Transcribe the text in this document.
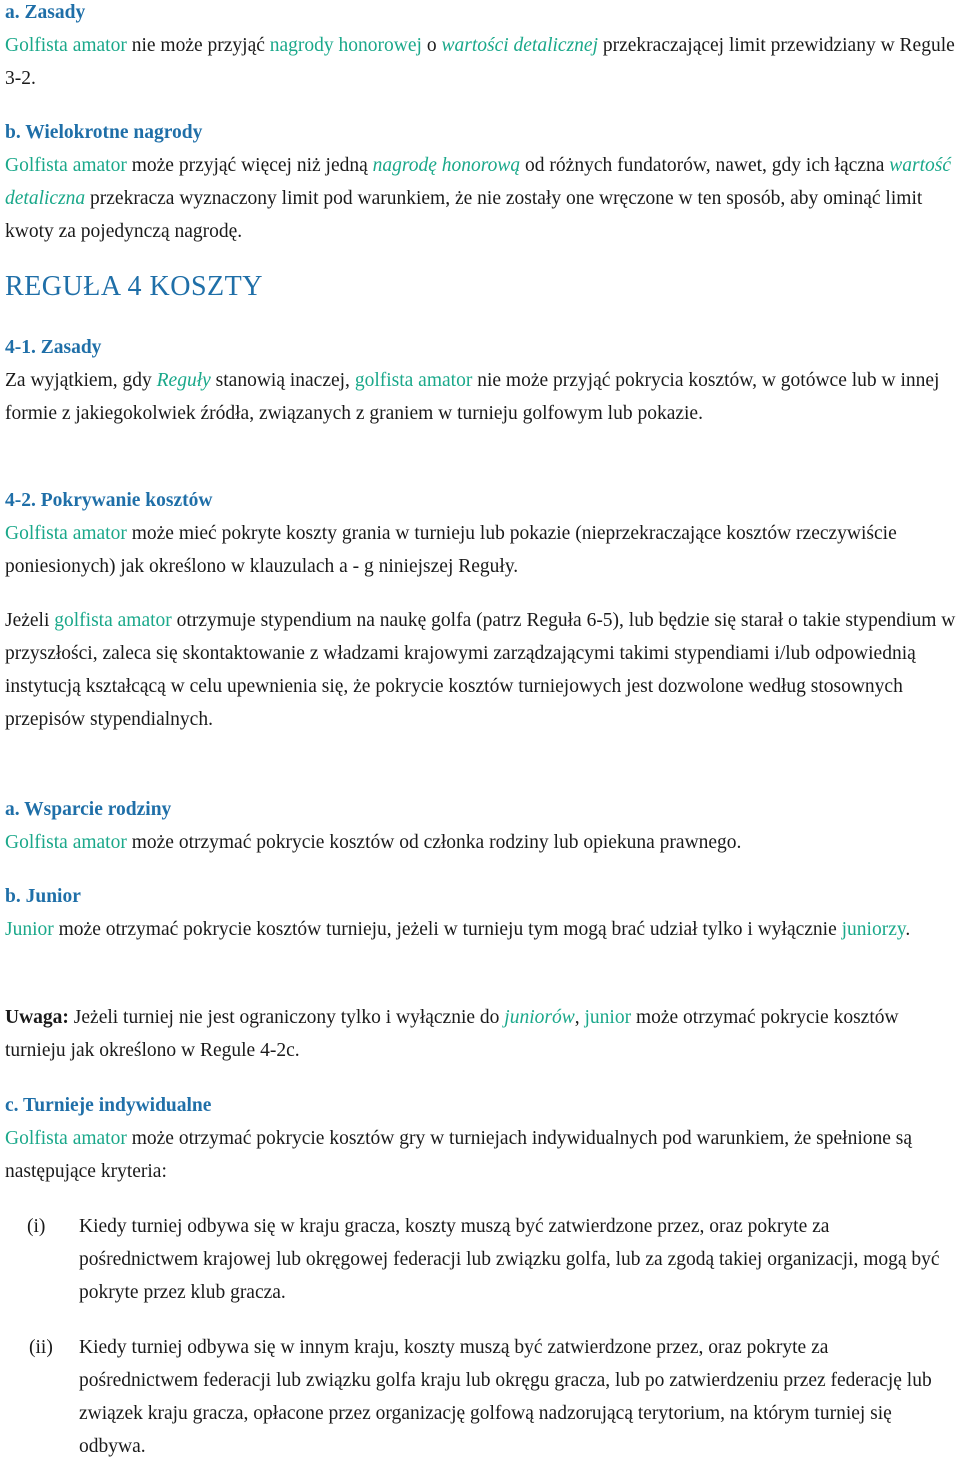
a. Zasady
Golfista amator nie może przyjąć nagrody honorowej o wartości detalicznej przekraczającej limit przewidziany w Regule 3-2.
b. Wielokrotne nagrody
Golfista amator może przyjąć więcej niż jedną nagrodę honorową od różnych fundatorów, nawet, gdy ich łączna wartość detaliczna przekracza wyznaczony limit pod warunkiem, że nie zostały one wręczone w ten sposób, aby ominąć limit kwoty za pojedynczą nagrodę.
REGUŁA 4 KOSZTY
4-1. Zasady
Za wyjątkiem, gdy Reguły stanowią inaczej, golfista amator nie może przyjąć pokrycia kosztów, w gotówce lub w innej formie z jakiegokolwiek źródła, związanych z graniem w turnieju golfowym lub pokazie.
4-2. Pokrywanie kosztów
Golfista amator może mieć pokryte koszty grania w turnieju lub pokazie (nieprzekraczające kosztów rzeczywiście poniesionych) jak określono w klauzulach a - g niniejszej Reguły.
Jeżeli golfista amator otrzymuje stypendium na naukę golfa (patrz Reguła 6-5), lub będzie się starał o takie stypendium w przyszłości, zaleca się skontaktowanie z władzami krajowymi zarządzającymi takimi stypendiami i/lub odpowiednią instytucją kształcącą w celu upewnienia się, że pokrycie kosztów turniejowych jest dozwolone według stosownych przepisów stypendialnych.
a. Wsparcie rodziny
Golfista amator może otrzymać pokrycie kosztów od członka rodziny lub opiekuna prawnego.
b. Junior
Junior może otrzymać pokrycie kosztów turnieju, jeżeli w turnieju tym mogą brać udział tylko i wyłącznie juniorzy.
Uwaga: Jeżeli turniej nie jest ograniczony tylko i wyłącznie do juniorów, junior może otrzymać pokrycie kosztów turnieju jak określono w Regule 4-2c.
c. Turnieje indywidualne
Golfista amator może otrzymać pokrycie kosztów gry w turniejach indywidualnych pod warunkiem, że spełnione są następujące kryteria:
(i) Kiedy turniej odbywa się w kraju gracza, koszty muszą być zatwierdzone przez, oraz pokryte za pośrednictwem krajowej lub okręgowej federacji lub związku golfa, lub za zgodą takiej organizacji, mogą być pokryte przez klub gracza.
(ii) Kiedy turniej odbywa się w innym kraju, koszty muszą być zatwierdzone przez, oraz pokryte za pośrednictwem federacji lub związku golfa kraju lub okręgu gracza, lub po zatwierdzeniu przez federację lub związek kraju gracza, opłacone przez organizację golfową nadzorującą terytorium, na którym turniej się odbywa.
